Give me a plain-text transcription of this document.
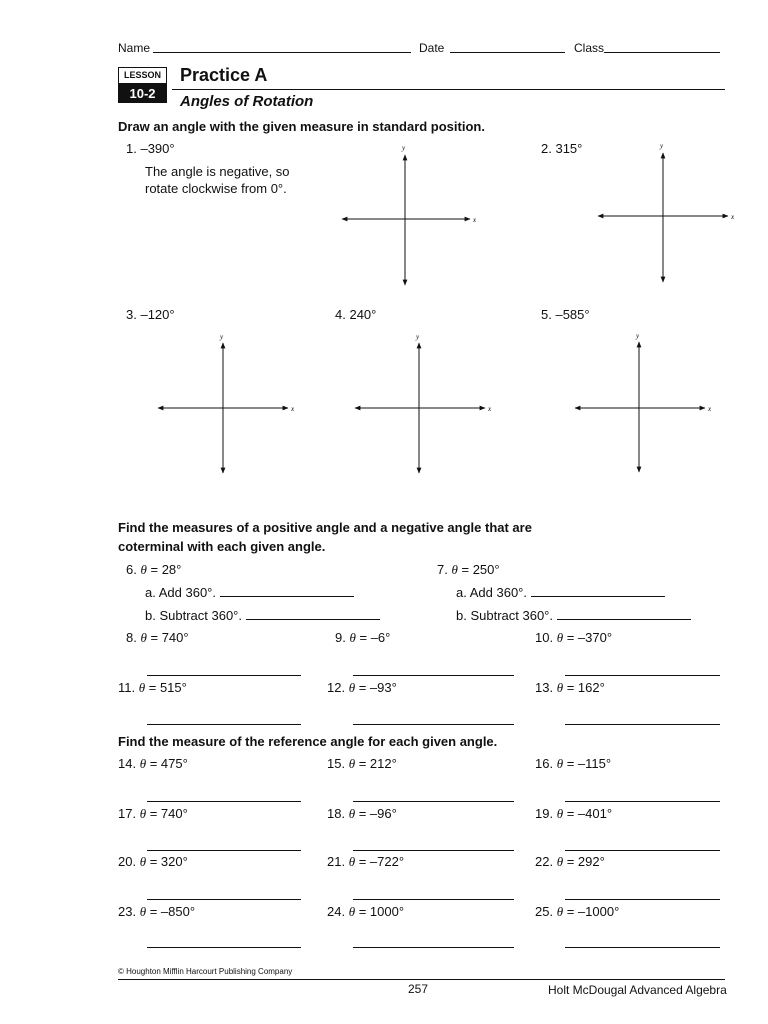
Name	Date	Class
LESSON
10-2
Practice A
Angles of Rotation
Draw an angle with the given measure in standard position.
1. –390°
The angle is negative, so
rotate clockwise from 0°.
2. 315°
3. –120°	4. 240°	5. –585°
x
y
x
y
x
y
x
y
x
y
Find the measures of a positive angle and a negative angle that are
coterminal with each given angle.
6. θ = 28°
a. Add 360°.
b. Subtract 360°.
7. θ = 250°
a. Add 360°.
b. Subtract 360°.
8. θ = 740°	9. θ = –6°	10. θ = –370°
11. θ = 515°	12. θ = –93°	13. θ = 162°
Find the measure of the reference angle for each given angle.
14. θ = 475°	15. θ = 212°	16. θ = –115°
17. θ = 740°	18. θ = –96°	19. θ = –401°
20. θ = 320°	21. θ = –722°	22. θ = 292°
23. θ = –850°	24. θ = 1000°	25. θ = –1000°
© Houghton Mifflin Harcourt Publishing Company
257	Holt McDougal Advanced Algebra
